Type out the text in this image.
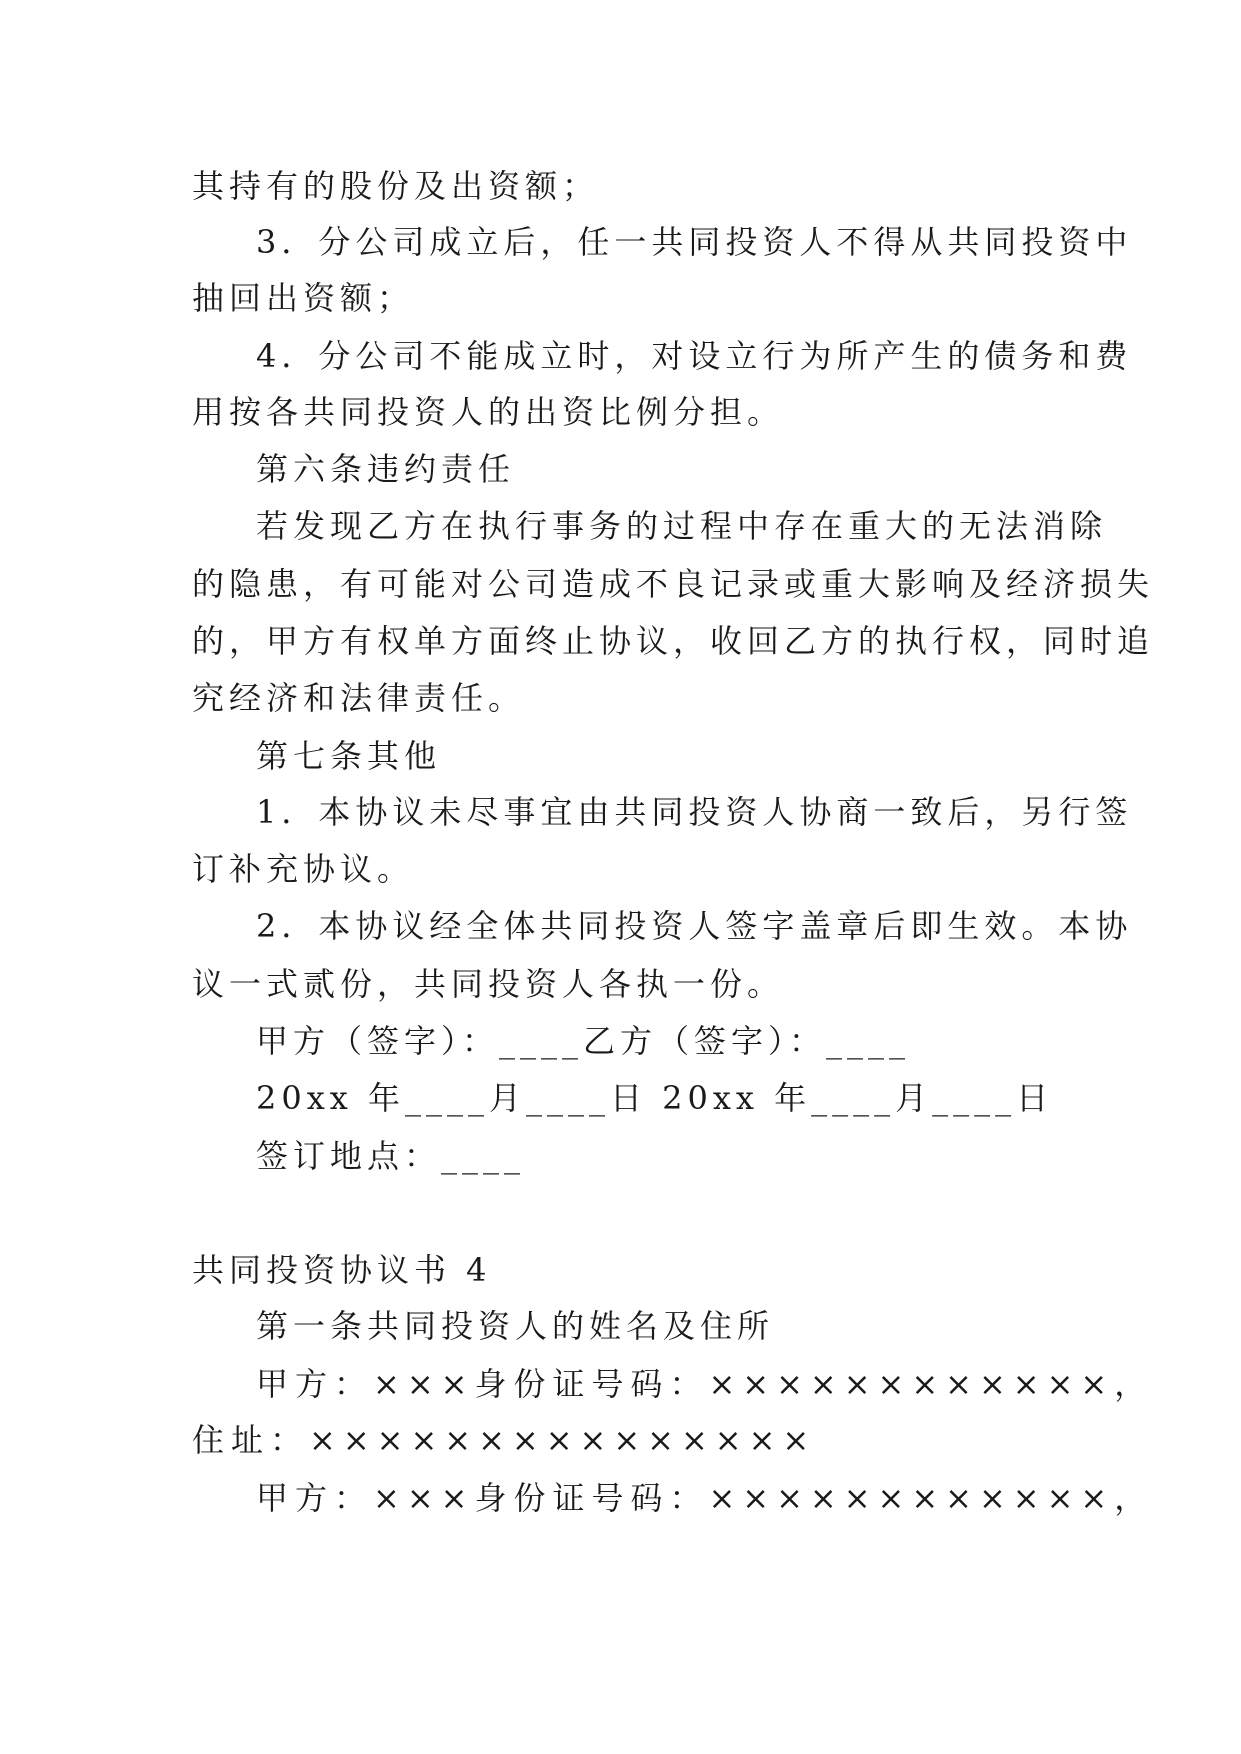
其持有的股份及出资额；
3．分公司成立后，任一共同投资人不得从共同投资中
抽回出资额；
4．分公司不能成立时，对设立行为所产生的债务和费
用按各共同投资人的出资比例分担。
第六条违约责任
若发现乙方在执行事务的过程中存在重大的无法消除
的隐患，有可能对公司造成不良记录或重大影响及经济损失
的，甲方有权单方面终止协议，收回乙方的执行权，同时追
究经济和法律责任。
第七条其他
1．本协议未尽事宜由共同投资人协商一致后，另行签
订补充协议。
2．本协议经全体共同投资人签字盖章后即生效。本协
议一式贰份，共同投资人各执一份。
甲方（签字）：____乙方（签字）：____
20xx 年____月____日 20xx 年____月____日
签订地点：____
共同投资协议书 4
第一条共同投资人的姓名及住所
甲方：×××身份证号码：××××××××××××，
住址：×××××××××××××××
甲方：×××身份证号码：××××××××××××，
